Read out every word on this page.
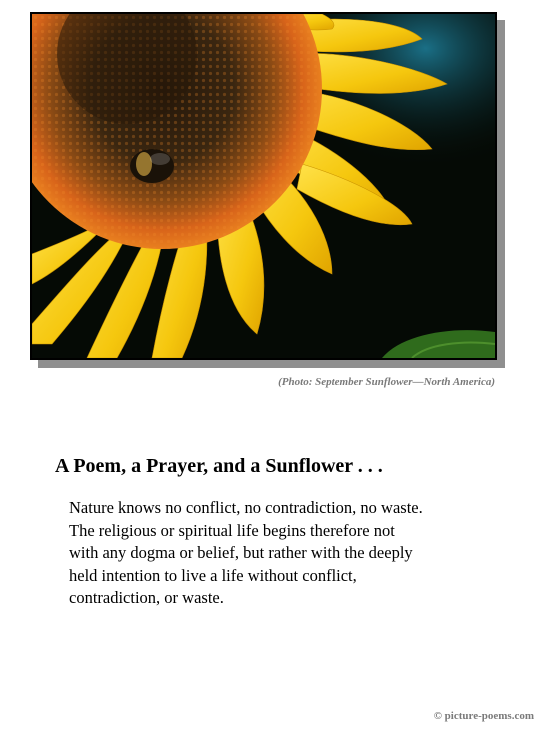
(Photo: September Sunflower—North America)
A Poem, a Prayer, and a Sunflower . . .
Nature knows no conflict, no contradiction, no waste.
The religious or spiritual life begins therefore not
with any dogma or belief, but rather with the deeply
held intention to live a life without conflict,
contradiction, or waste.
© picture-poems.com
